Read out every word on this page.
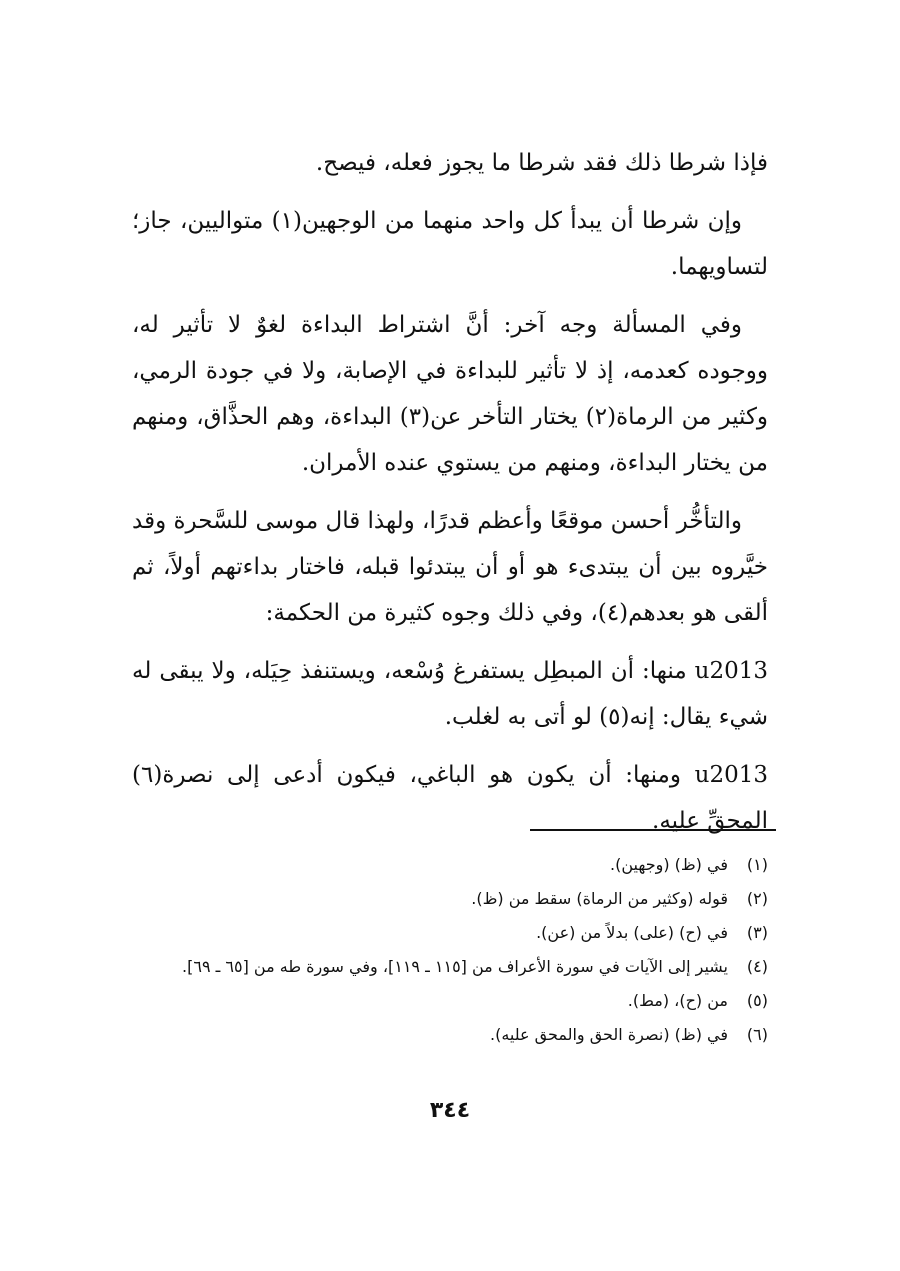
فإذا شرطا ذلك فقد شرطا ما يجوز فعله، فيصح.

وإن شرطا أن يبدأ كل واحد منهما من الوجهين(١) متواليين، جاز؛ لتساويهما.

وفي المسألة وجه آخر: أنَّ اشتراط البداءة لغوٌ لا تأثير له، ووجوده كعدمه، إذ لا تأثير للبداءة في الإصابة، ولا في جودة الرمي، وكثير من الرماة(٢) يختار التأخر عن(٣) البداءة، وهم الحذَّاق، ومنهم من يختار البداءة، ومنهم من يستوي عنده الأمران.

والتأخُّر أحسن موقعًا وأعظم قدرًا، ولهذا قال موسى للسَّحرة وقد خيَّروه بين أن يبتدىء هو أو أن يبتدئوا قبله، فاختار بداءتهم أولاً، ثم ألقى هو بعدهم(٤)، وفي ذلك وجوه كثيرة من الحكمة:

u2013 منها: أن المبطِل يستفرغ وُسْعه، ويستنفذ حِيَله، ولا يبقى له شيء يقال: إنه(٥) لو أتى به لغلب.

u2013 ومنها: أن يكون هو الباغي، فيكون أدعى إلى نصرة(٦) المحقِّ عليه.

(١)
في (ظ) (وجهين).
(٢)
قوله (وكثير من الرماة) سقط من (ظ).
(٣)
في (ح) (على) بدلاً من (عن).
(٤)
يشير إلى الآيات في سورة الأعراف من [١١٥ ـ ١١٩]، وفي سورة طه من [٦٥ ـ ٦٩].
(٥)
من (ح)، (مط).
(٦)
في (ظ) (نصرة الحق والمحق عليه).
٣٤٤
